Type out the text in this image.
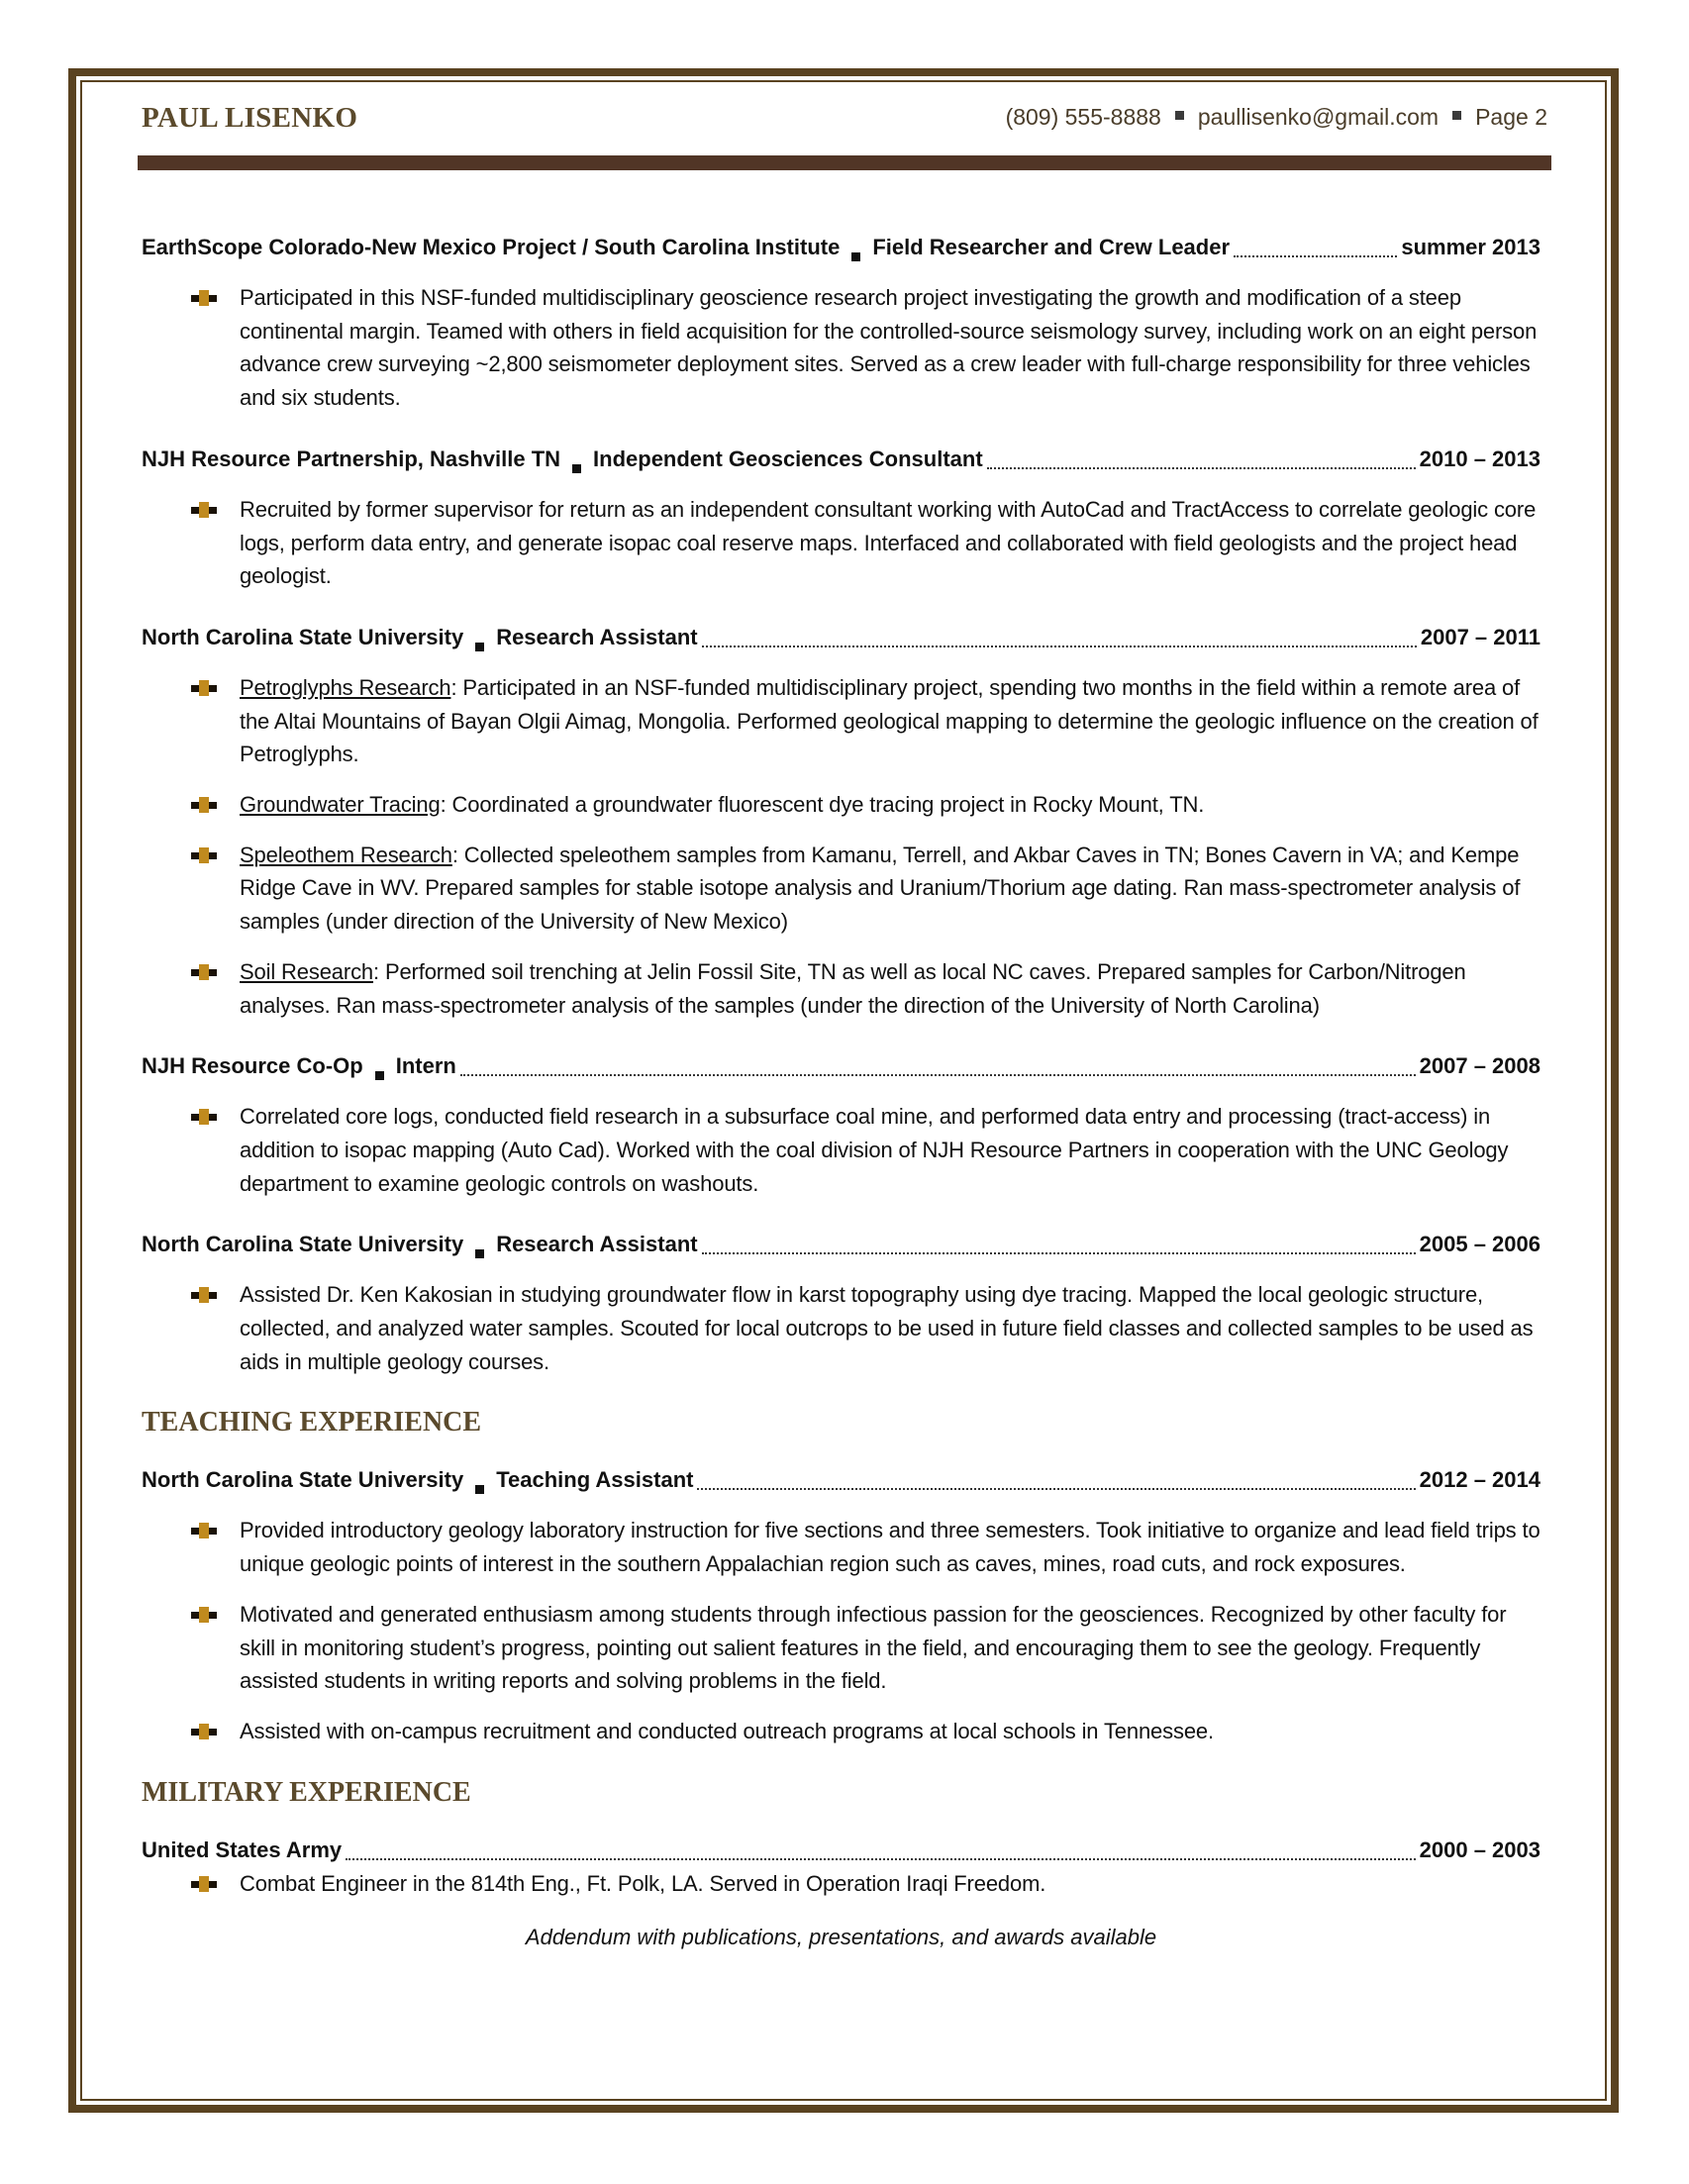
PAUL LISENKO	(809) 555-8888 paullisenko@gmail.com Page 2
EarthScope Colorado-New Mexico Project / South Carolina Institute Field Researcher and Crew Leader	summer 2013
Participated in this NSF-funded multidisciplinary geoscience research project investigating the growth and modification of a steep continental margin. Teamed with others in field acquisition for the controlled-source seismology survey, including work on an eight person advance crew surveying ~2,800 seismometer deployment sites. Served as a crew leader with full-charge responsibility for three vehicles and six students.
NJH Resource Partnership, Nashville TN Independent Geosciences Consultant	2010 – 2013
Recruited by former supervisor for return as an independent consultant working with AutoCad and TractAccess to correlate geologic core logs, perform data entry, and generate isopac coal reserve maps. Interfaced and collaborated with field geologists and the project head geologist.
North Carolina State University Research Assistant	2007 – 2011
Petroglyphs Research: Participated in an NSF-funded multidisciplinary project, spending two months in the field within a remote area of the Altai Mountains of Bayan Olgii Aimag, Mongolia. Performed geological mapping to determine the geologic influence on the creation of Petroglyphs.
Groundwater Tracing: Coordinated a groundwater fluorescent dye tracing project in Rocky Mount, TN.
Speleothem Research: Collected speleothem samples from Kamanu, Terrell, and Akbar Caves in TN; Bones Cavern in VA; and Kempe Ridge Cave in WV. Prepared samples for stable isotope analysis and Uranium/Thorium age dating. Ran mass-spectrometer analysis of samples (under direction of the University of New Mexico)
Soil Research: Performed soil trenching at Jelin Fossil Site, TN as well as local NC caves. Prepared samples for Carbon/Nitrogen analyses. Ran mass-spectrometer analysis of the samples (under the direction of the University of North Carolina)
NJH Resource Co-Op Intern	2007 – 2008
Correlated core logs, conducted field research in a subsurface coal mine, and performed data entry and processing (tract-access) in addition to isopac mapping (Auto Cad). Worked with the coal division of NJH Resource Partners in cooperation with the UNC Geology department to examine geologic controls on washouts.
North Carolina State University Research Assistant	2005 – 2006
Assisted Dr. Ken Kakosian in studying groundwater flow in karst topography using dye tracing. Mapped the local geologic structure, collected, and analyzed water samples. Scouted for local outcrops to be used in future field classes and collected samples to be used as aids in multiple geology courses.
TEACHING EXPERIENCE
North Carolina State University Teaching Assistant	2012 – 2014
Provided introductory geology laboratory instruction for five sections and three semesters. Took initiative to organize and lead field trips to unique geologic points of interest in the southern Appalachian region such as caves, mines, road cuts, and rock exposures.
Motivated and generated enthusiasm among students through infectious passion for the geosciences. Recognized by other faculty for skill in monitoring student’s progress, pointing out salient features in the field, and encouraging them to see the geology. Frequently assisted students in writing reports and solving problems in the field.
Assisted with on-campus recruitment and conducted outreach programs at local schools in Tennessee.
MILITARY EXPERIENCE
United States Army	2000 – 2003
Combat Engineer in the 814th Eng., Ft. Polk, LA. Served in Operation Iraqi Freedom.
Addendum with publications, presentations, and awards available
